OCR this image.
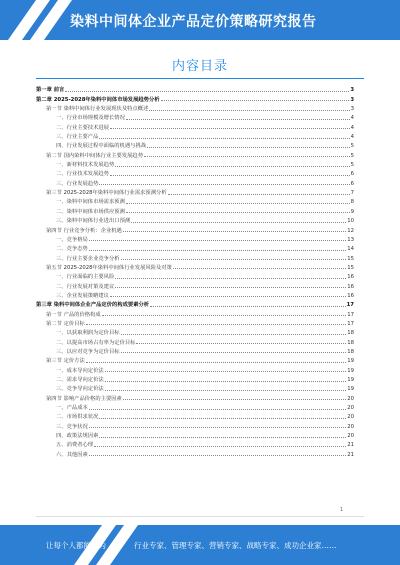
染料中间体企业产品定价策略研究报告
内容目录
第一章 前言	3
第二章 2025-2028年染料中间体市场发展趋势分析	3
第一节 染料中间体行业发展现状及特点概述	3
一、行业市场规模及增长情况	4
二、行业主要技术进展	4
三、行业主要产品	4
四、行业发展过程中面临的机遇与挑战	5
第二节 国内染料中间体行业主要发展趋势	5
一、新材料技术发展趋势	5
二、行业技术发展趋势	6
三、行业发展趋势	6
第三节 2025-2028年染料中间体行业需求预测分析	7
一、染料中间体市场需求预测	8
二、染料中间体市场供应预测	9
三、染料中间体行业进出口预测	10
第四节 行业竞争分析：企业机遇	12
一、竞争格局	13
二、竞争态势	14
三、行业主要企业竞争分析	15
第五节 2025-2028年染料中间体行业发展风险及对策	15
一、行业面临的主要风险	16
二、行业发展对策及建议	16
三、企业发展策略建议	16
第三章 染料中间体企业产品定价的构成要素分析	17
第一节 产品的价格构成	17
第二节 定价目标	17
一、以获取利润为定价目标	18
二、以提高市场占有率为定价目标	18
三、以应对竞争为定价目标	18
第三节 定价方法	19
一、成本导向定价法	19
二、需求导向定价法	19
三、竞争导向定价法	19
第四节 影响产品价格的主要因素	20
一、产品成本	20
二、市场供求状况	20
三、竞争状况	20
四、政策法规因素	20
五、消费者心理	21
六、其他因素	21
1
让每个人都能成为	行业专家、管理专家、营销专家、战略专家、成功企业家……
